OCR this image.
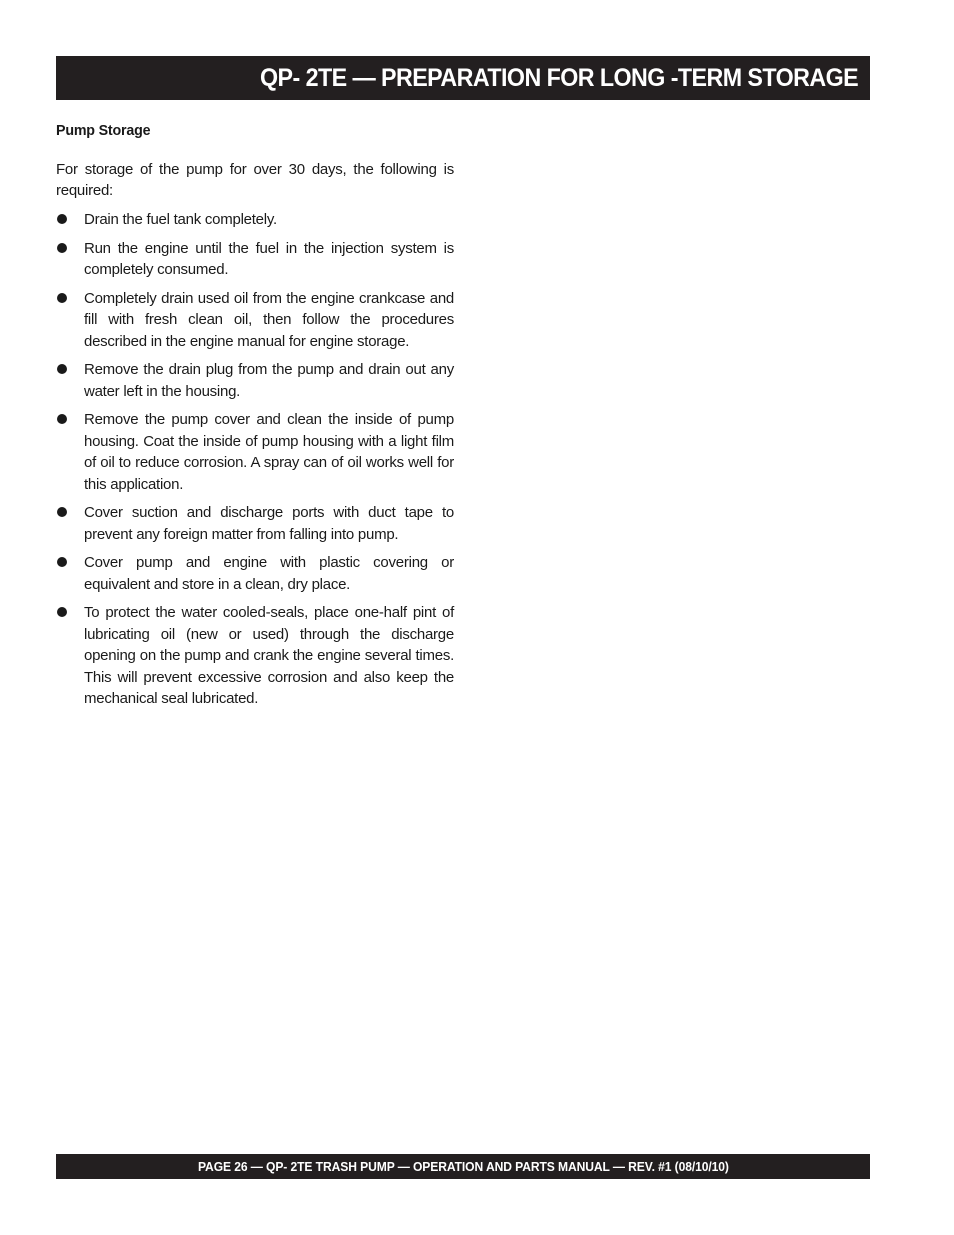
QP- 2TE — PREPARATION FOR LONG -TERM STORAGE
Pump Storage

For storage of the pump for over 30 days, the following is required:

Drain the fuel tank completely.
Run the engine until the fuel in the injection system is completely consumed.
Completely drain used oil from the engine crankcase and fill with fresh clean oil, then follow the procedures described in the engine manual for engine storage.
Remove the drain plug from the pump and drain out any water left in the housing.
Remove the pump cover and clean the inside of pump housing. Coat the inside of pump housing with a light film of oil to reduce corrosion. A spray can of oil works well for this application.
Cover suction and discharge ports with duct tape to prevent any foreign matter from falling into pump.
Cover pump and engine with plastic covering or equivalent and store in a clean, dry place.
To protect the water cooled-seals, place one-half pint of lubricating oil (new or used) through the discharge opening on the pump and crank the engine several times. This will prevent excessive corrosion and also keep the mechanical seal lubricated.
PAGE 26 — QP- 2TE TRASH PUMP — OPERATION AND PARTS MANUAL — REV. #1 (08/10/10)
